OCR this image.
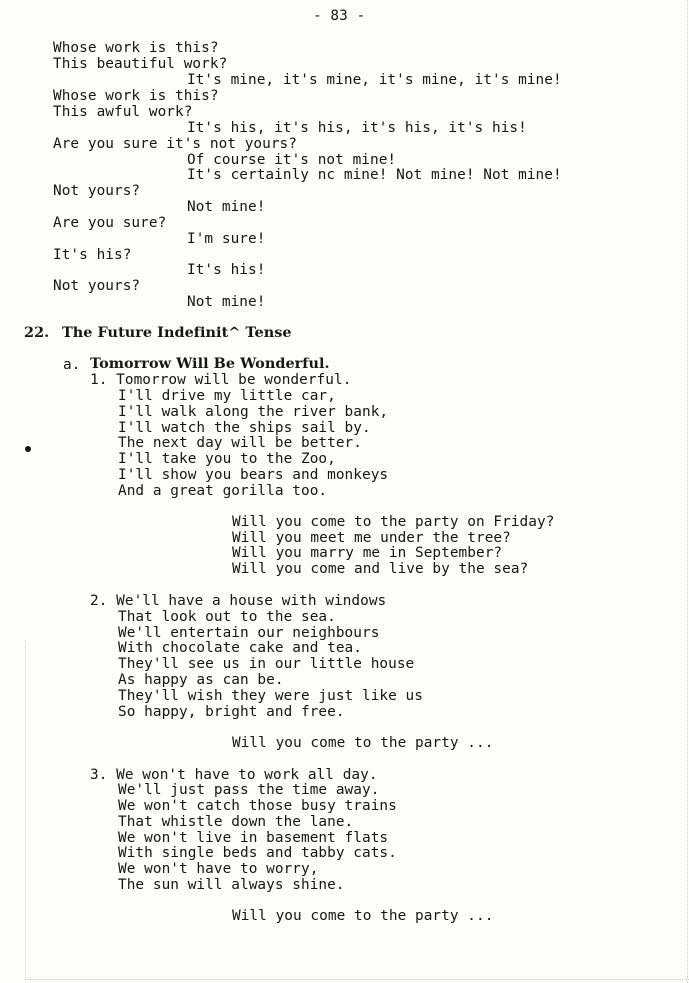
- 83 -
Whose work is this?
This beautiful work?
It's mine, it's mine, it's mine, it's mine!
Whose work is this?
This awful work?
It's his, it's his, it's his, it's his!
Are you sure it's not yours?
Of course it's not mine!
It's certainly nc mine! Not mine! Not mine!
Not yours?
Not mine!
Are you sure?
I'm sure!
It's his?
It's his!
Not yours?
Not mine!
22. The Future Indefinit^ Tense
a. Tomorrow Will Be Wonderful.
1. Tomorrow will be wonderful.
I'll drive my little car,
I'll walk along the river bank,
I'll watch the ships sail by.
The next day will be better.
I'll take you to the Zoo,
I'll show you bears and monkeys
And a great gorilla too.
Will you come to the party on Friday?
Will you meet me under the tree?
Will you marry me in September?
Will you come and live by the sea?
2. We'll have a house with windows
That look out to the sea.
We'll entertain our neighbours
With chocolate cake and tea.
They'll see us in our little house
As happy as can be.
They'll wish they were just like us
So happy, bright and free.
Will you come to the party ...
3. We won't have to work all day.
We'll just pass the time away.
We won't catch those busy trains
That whistle down the lane.
We won't live in basement flats
With single beds and tabby cats.
We won't have to worry,
The sun will always shine.
Will you come to the party ...
